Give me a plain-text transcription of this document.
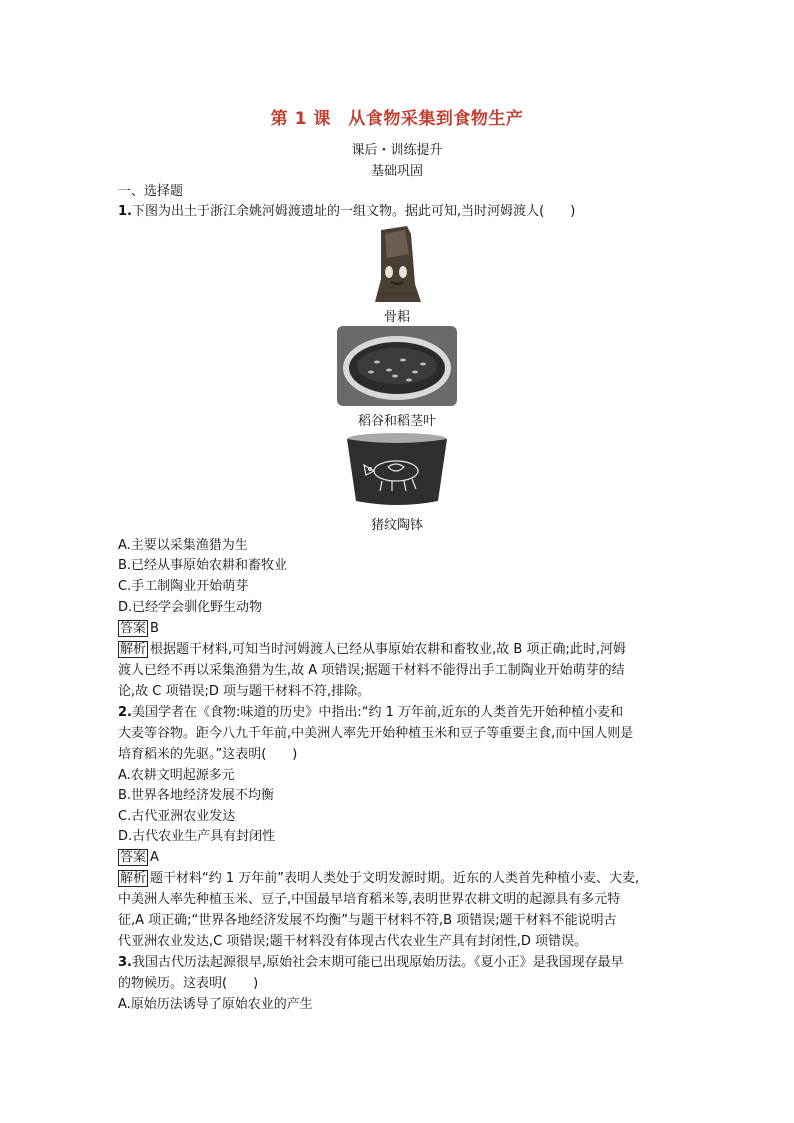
第 1 课　从食物采集到食物生产
课后・训练提升
基础巩固
一、选择题
1.下图为出土于浙江余姚河姆渡遗址的一组文物。据此可知,当时河姆渡人(　　)
骨耜
稻谷和稻茎叶
猪纹陶钵
A.主要以采集渔猎为生
B.已经从事原始农耕和畜牧业
C.手工制陶业开始萌芽
D.已经学会驯化野生动物
答案 B
解析 根据题干材料,可知当时河姆渡人已经从事原始农耕和畜牧业,故 B 项正确;此时,河姆
渡人已经不再以采集渔猎为生,故 A 项错误;据题干材料不能得出手工制陶业开始萌芽的结
论,故 C 项错误;D 项与题干材料不符,排除。
2.美国学者在《食物:味道的历史》中指出:“约 1 万年前,近东的人类首先开始种植小麦和
大麦等谷物。距今八九千年前,中美洲人率先开始种植玉米和豆子等重要主食,而中国人则是
培育稻米的先驱。”这表明(　　)
A.农耕文明起源多元
B.世界各地经济发展不均衡
C.古代亚洲农业发达
D.古代农业生产具有封闭性
答案 A
解析 题干材料“约 1 万年前”表明人类处于文明发源时期。近东的人类首先种植小麦、大麦,
中美洲人率先种植玉米、豆子,中国最早培育稻米等,表明世界农耕文明的起源具有多元特
征,A 项正确;“世界各地经济发展不均衡”与题干材料不符,B 项错误;题干材料不能说明古
代亚洲农业发达,C 项错误;题干材料没有体现古代农业生产具有封闭性,D 项错误。
3.我国古代历法起源很早,原始社会末期可能已出现原始历法。《夏小正》是我国现存最早
的物候历。这表明(　　)
A.原始历法诱导了原始农业的产生
